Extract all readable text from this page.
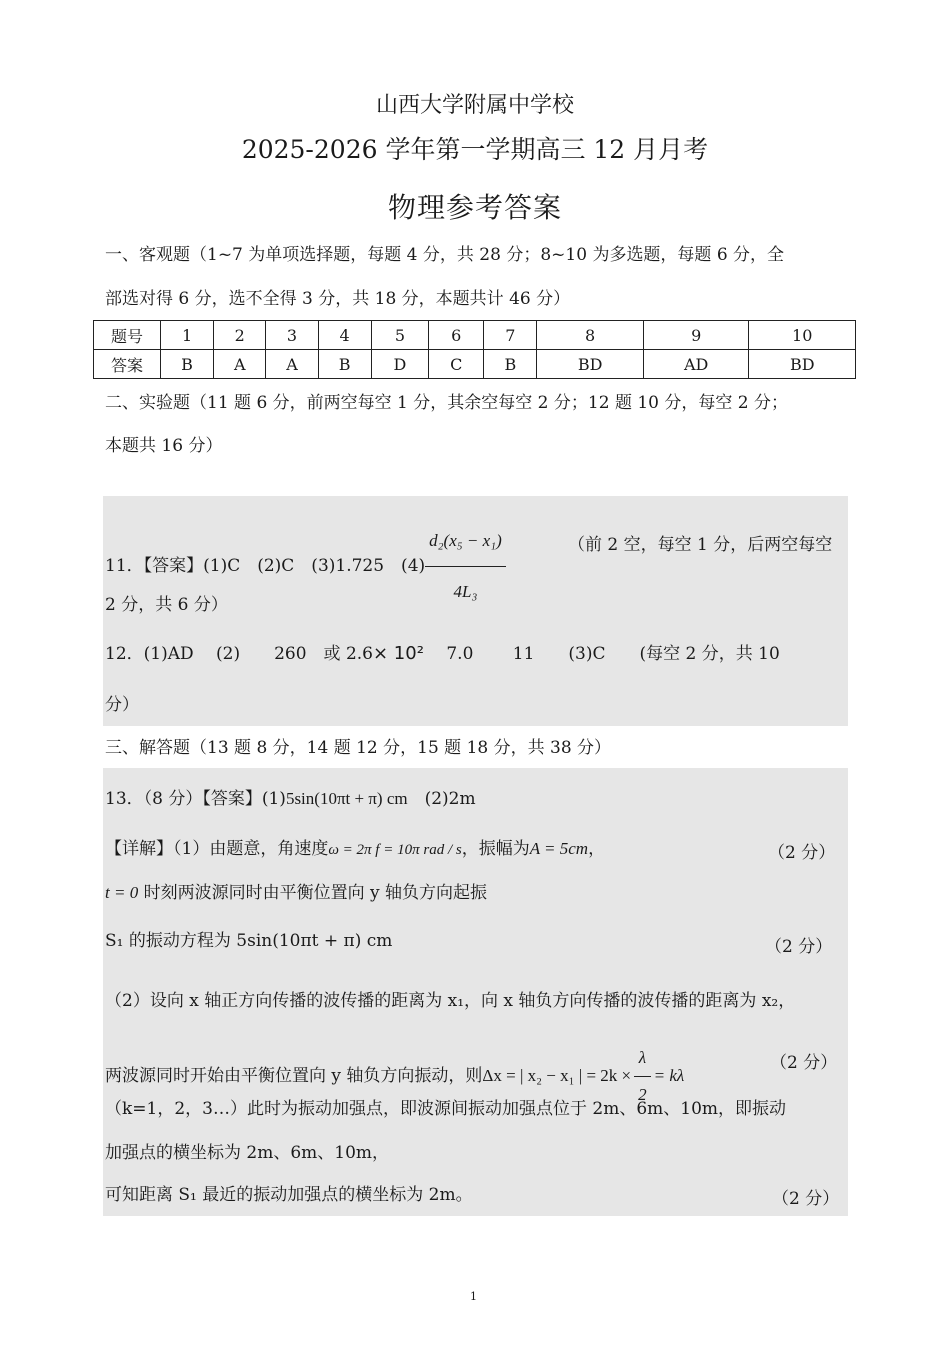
山西大学附属中学校
2025-2026 学年第一学期高三 12 月月考
物理参考答案
一、客观题（1~7 为单项选择题，每题 4 分，共 28 分；8~10 为多选题，每题 6 分，全
部选对得 6 分，选不全得 3 分，共 18 分，本题共计 46 分）
题号	1	2	3	4	5	6	7	8	9	10
答案	B	A	A	B	D	C	B	BD	AD	BD
二、实验题（11 题 6 分，前两空每空 1 分，其余空每空 2 分；12 题 10 分，每空 2 分；
本题共 16 分）
11．【答案】(1)C　(2)C　(3)1.725　$(4) \frac{\text{d₂(x₅ − x₁)}}{\text{4L₃}}$	（前 2 空，每空 1 分，后两空每空
2 分，共 6 分）
12．(1)AD　 (2)　　260　或 2.6× 10²　 7.0　　 11　　(3)C　　(每空 2 分，共 10
分）
三、解答题（13 题 8 分，14 题 12 分，15 题 18 分，共 38 分）
13．（8 分）【答案】(1)5sin(10πt + π) cm　(2)2m
【详解】（1）由题意，角速度ω = 2π f = 10π rad / s，振幅为A = 5cm，	（2 分）
t = 0 时刻两波源同时由平衡位置向 y 轴负方向起振
S₁ 的振动方程为 5sin(10πt + π) cm	（2 分）
（2）设向 x 轴正方向传播的波传播的距离为 x₁，向 x 轴负方向传播的波传播的距离为 x₂，
两波源同时开始由平衡位置向 y 轴负方向振动，则Δx = | x₂ − x₁ | = $2k \times \frac{\lambda}{2} = k\lambda$
（2 分）
（k=1，2，3…）此时为振动加强点，即波源间振动加强点位于 2m、6m、10m，即振动
加强点的横坐标为 2m、6m、10m，
可知距离 S₁ 最近的振动加强点的横坐标为 2m。	（2 分）
1
